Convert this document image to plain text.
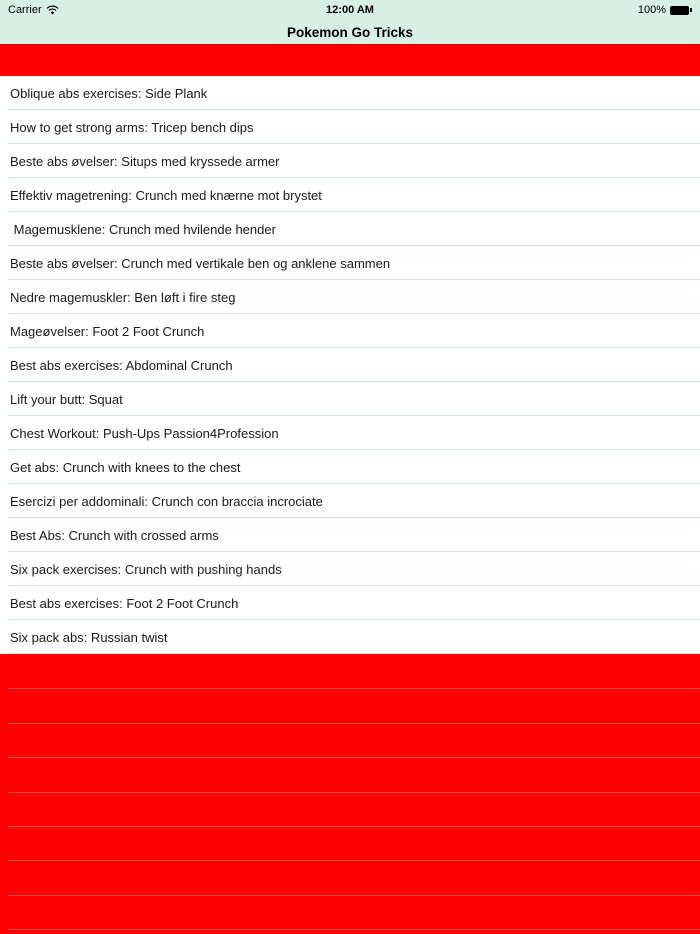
Carrier	12:00 AM	100%
Pokemon Go Tricks
Oblique abs exercises: Side Plank
How to get strong arms: Tricep bench dips
Beste abs øvelser: Situps med kryssede armer
Effektiv magetrening: Crunch med knærne mot brystet
Magemusklene: Crunch med hvilende hender
Beste abs øvelser: Crunch med vertikale ben og anklene sammen
Nedre magemuskler: Ben løft i fire steg
Mageøvelser: Foot 2 Foot Crunch
Best abs exercises: Abdominal Crunch
Lift your butt: Squat
Chest Workout: Push-Ups Passion4Profession
Get abs: Crunch with knees to the chest
Esercizi per addominali: Crunch con braccia incrociate
Best Abs: Crunch with crossed arms
Six pack exercises: Crunch with pushing hands
Best abs exercises: Foot 2 Foot Crunch
Six pack abs: Russian twist
